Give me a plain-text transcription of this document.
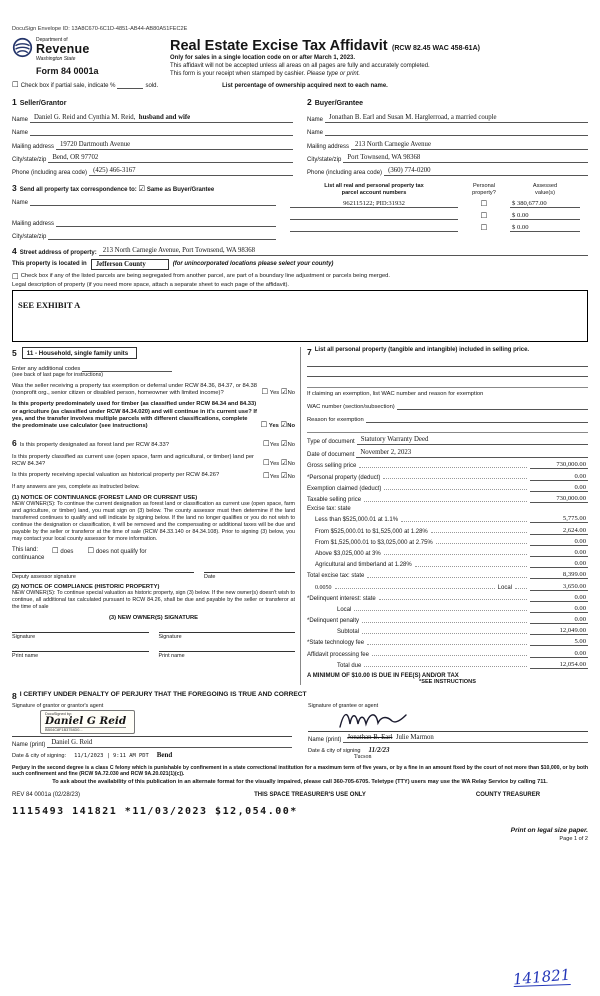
DocuSign Envelope ID: 13A8C670-6C1D-4851-AB44-AB80A51FEC2E
Department of
Revenue
Washington State
Form 84 0001a
Real Estate Excise Tax Affidavit (RCW 82.45 WAC 458-61A)
Only for sales in a single location code on or after March 1, 2023.
This affidavit will not be accepted unless all areas on all pages are fully and accurately completed.
This form is your receipt when stamped by cashier. Please type or print.
☐ Check box if partial sale, indicate %	sold.	List percentage of ownership acquired next to each name.
1 Seller/Grantor
Name Daniel G. Reid and Cynthia M. Reid, husband and wife
Name
Mailing address 19720 Dartmouth Avenue
City/state/zip Bend, OR 97702
Phone (including area code) (425) 466-3167
2 Buyer/Grantee
Name Jonathan B. Earl and Susan M. Harglerroad, a married couple
Name
Mailing address 213 North Carnegie Avenue
City/state/zip Port Townsend, WA 98368
Phone (including area code) (360) 774-0200
3 Send all property tax correspondence to: ☑ Same as Buyer/Grantee
Name
Mailing address
City/state/zip
List all real and personal property tax
parcel account numbers
Personal
property?
Assessed
value(s)
962115122; PID:31932	☐	$ 380,677.00
☐	$ 0.00
☐	$ 0.00
4 Street address of property: 213 North Carnegie Avenue, Port Townsend, WA 98368
This property is located in	Jefferson County	(for unincorporated locations please select your county)
☐ Check box if any of the listed parcels are being segregated from another parcel, are part of a boundary line adjustment or parcels being merged.
Legal description of property (if you need more space, attach a separate sheet to each page of the affidavit).
SEE EXHIBIT A
5	11 - Household, single family units
Enter any additional codes
(see back of last page for instructions)
Was the seller receiving a property tax exemption or deferral under RCW 84.36, 84.37, or 84.38 (nonprofit org., senior citizen or disabled person, homeowner with limited income)?	☐ Yes ☑No
Is this property predominately used for timber (as classified under RCW 84.34 and 84.33) or agriculture (as classified under RCW 84.34.020) and will continue in it's current use? If yes, and the transfer involves multiple parcels with different classifications, complete the predominate use calculator (see instructions)	☐ Yes ☑No
6 Is this property designated as forest land per RCW 84.33?	☐Yes ☑No
Is this property classified as current use (open space, farm and agricultural, or timber) land per RCW 84.34?	☐Yes ☑No
Is this property receiving special valuation as historical property per RCW 84.26?	☐Yes ☑No
If any answers are yes, complete as instructed below.
(1) NOTICE OF CONTINUANCE (FOREST LAND OR CURRENT USE)
NEW OWNER(S): To continue the current designation as forest land or classification as current use (open space, farm and agriculture, or timber) land, you must sign on (3) below. The county assessor must then determine if the land transferred continues to qualify and will indicate by signing below. If the land no longer qualifies or you do not wish to continue the designation or classification, it will be removed and the compensating or additional taxes will be due and payable by the seller or transferor at the time of sale (RCW 84.33.140 or 84.34.108). Prior to signing (3) below, you may contact your local county assessor for more information.
This land: ☐ does ☐ does not qualify for
continuance
Deputy assessor signature	Date
(2) NOTICE OF COMPLIANCE (HISTORIC PROPERTY)
NEW OWNER(S): To continue special valuation as historic property, sign (3) below. If the new owner(s) doesn't wish to continue, all additional tax calculated pursuant to RCW 84.26, shall be due and payable by the seller or transferor at the time of sale
(3) NEW OWNER(S) SIGNATURE
Signature	Signature
Print name	Print name
7 List all personal property (tangible and intangible) included in selling price.
If claiming an exemption, list WAC number and reason for exemption
WAC number (section/subsection)
Reason for exemption
Type of document Statutory Warranty Deed
Date of document November 2, 2023
Gross selling price	730,000.00
*Personal property (deduct)	0.00
Exemption claimed (deduct)	0.00
Taxable selling price	730,000.00
Excise tax: state
Less than $525,000.01 at 1.1%	5,775.00
From $525,000.01 to $1,525,000 at 1.28%	2,624.00
From $1,525,000.01 to $3,025,000 at 2.75%	0.00
Above $3,025,000 at 3%	0.00
Agricultural and timberland at 1.28%	0.00
Total excise tax: state	8,399.00
0.0050	Local	3,650.00
*Delinquent interest: state	0.00
Local	0.00
*Delinquent penalty	0.00
Subtotal	12,049.00
*State technology fee	5.00
Affidavit processing fee	0.00
Total due	12,054.00
A MINIMUM OF $10.00 IS DUE IN FEE(S) AND/OR TAX
*SEE INSTRUCTIONS
8 I CERTIFY UNDER PENALTY OF PERJURY THAT THE FOREGOING IS TRUE AND CORRECT
Signature of grantor or grantor's agent
DocuSigned by:
Daniel G Reid
BB04C8F1B3754D0...
Name (print) Daniel G. Reid
Date & city of signing: 11/1/2023 | 9:11 AM PDT Bend
Signature of grantee or agent
Name (print) Jonathan B. Earl Julie Marmon
Date & city of signing 11/2/23
Tucson
Perjury in the second degree is a class C felony which is punishable by confinement in a state correctional institution for a maximum term of five years, or by a fine in an amount fixed by the court of not more than $10,000, or by both such confinement and fine (RCW 9A.72.030 and RCW 9A.20.021(1)(c)).
To ask about the availability of this publication in an alternate format for the visually impaired, please call 360-705-6705. Teletype (TTY) users may use the WA Relay Service by calling 711.
REV 84 0001a (02/28/23)	THIS SPACE TREASURER'S USE ONLY	COUNTY TREASURER
1115493 141821 *11/03/2023 $12,054.00*
Print on legal size paper.
Page 1 of 2
141821
